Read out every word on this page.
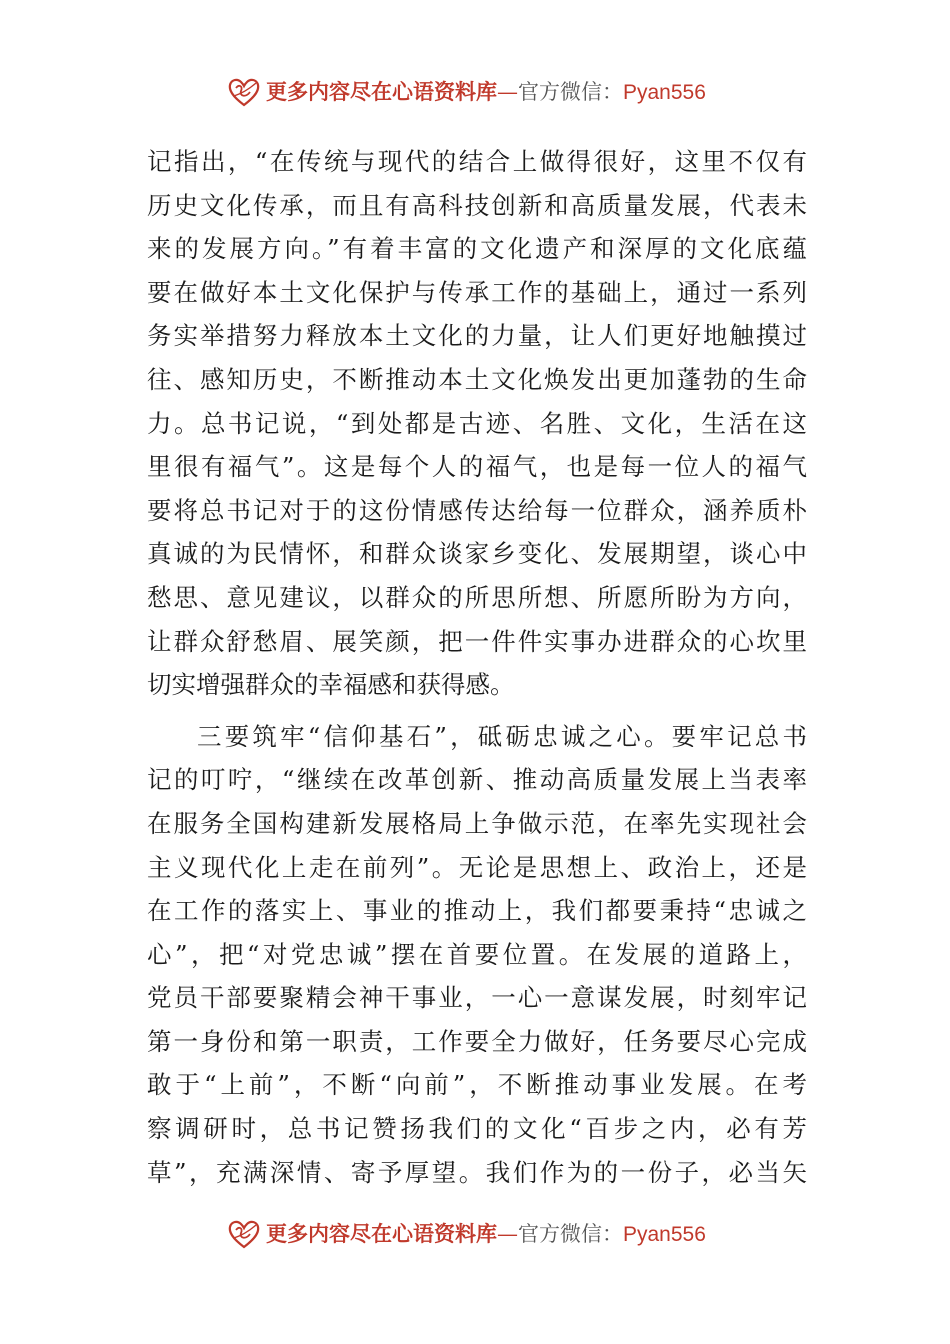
更多内容尽在心语资料库—官方微信：Pyan556
记指出，“在传统与现代的结合上做得很好，这里不仅有
历史文化传承，而且有高科技创新和高质量发展，代表未
来的发展方向。”有着丰富的文化遗产和深厚的文化底蕴
要在做好本土文化保护与传承工作的基础上，通过一系列
务实举措努力释放本土文化的力量，让人们更好地触摸过
往、感知历史，不断推动本土文化焕发出更加蓬勃的生命
力。总书记说，“到处都是古迹、名胜、文化，生活在这
里很有福气”。这是每个人的福气，也是每一位人的福气
要将总书记对于的这份情感传达给每一位群众，涵养质朴
真诚的为民情怀，和群众谈家乡变化、发展期望，谈心中
愁思、意见建议，以群众的所思所想、所愿所盼为方向，
让群众舒愁眉、展笑颜，把一件件实事办进群众的心坎里
切实增强群众的幸福感和获得感。
三要筑牢“信仰基石”，砥砺忠诚之心。要牢记总书
记的叮咛，“继续在改革创新、推动高质量发展上当表率
在服务全国构建新发展格局上争做示范，在率先实现社会
主义现代化上走在前列”。无论是思想上、政治上，还是
在工作的落实上、事业的推动上，我们都要秉持“忠诚之
心”，把“对党忠诚”摆在首要位置。在发展的道路上，
党员干部要聚精会神干事业，一心一意谋发展，时刻牢记
第一身份和第一职责，工作要全力做好，任务要尽心完成
敢于“上前”，不断“向前”，不断推动事业发展。在考
察调研时，总书记赞扬我们的文化“百步之内，必有芳
草”，充满深情、寄予厚望。我们作为的一份子，必当矢
更多内容尽在心语资料库—官方微信：Pyan556
